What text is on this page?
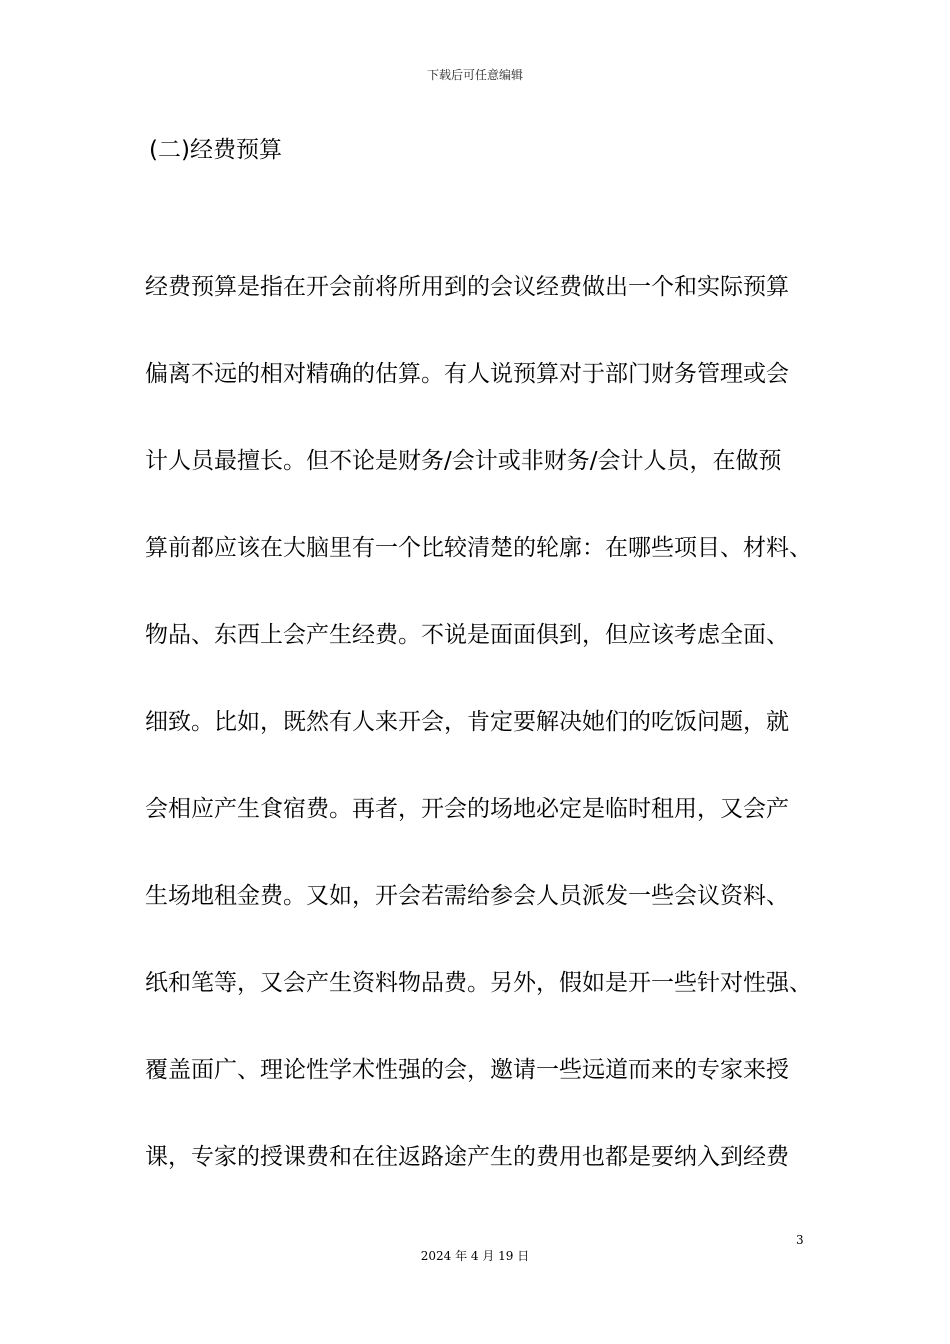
下载后可任意编辑
(二)经费预算
经费预算是指在开会前将所用到的会议经费做出一个和实际预算
偏离不远的相对精确的估算。有人说预算对于部门财务管理或会
计人员最擅长。但不论是财务/会计或非财务/会计人员，在做预
算前都应该在大脑里有一个比较清楚的轮廓：在哪些项目、材料、
物品、东西上会产生经费。不说是面面俱到，但应该考虑全面、
细致。比如，既然有人来开会，肯定要解决她们的吃饭问题，就
会相应产生食宿费。再者，开会的场地必定是临时租用，又会产
生场地租金费。又如，开会若需给参会人员派发一些会议资料、
纸和笔等，又会产生资料物品费。另外，假如是开一些针对性强、
覆盖面广、理论性学术性强的会，邀请一些远道而来的专家来授
课，专家的授课费和在往返路途产生的费用也都是要纳入到经费
3
2024 年 4 月 19 日
